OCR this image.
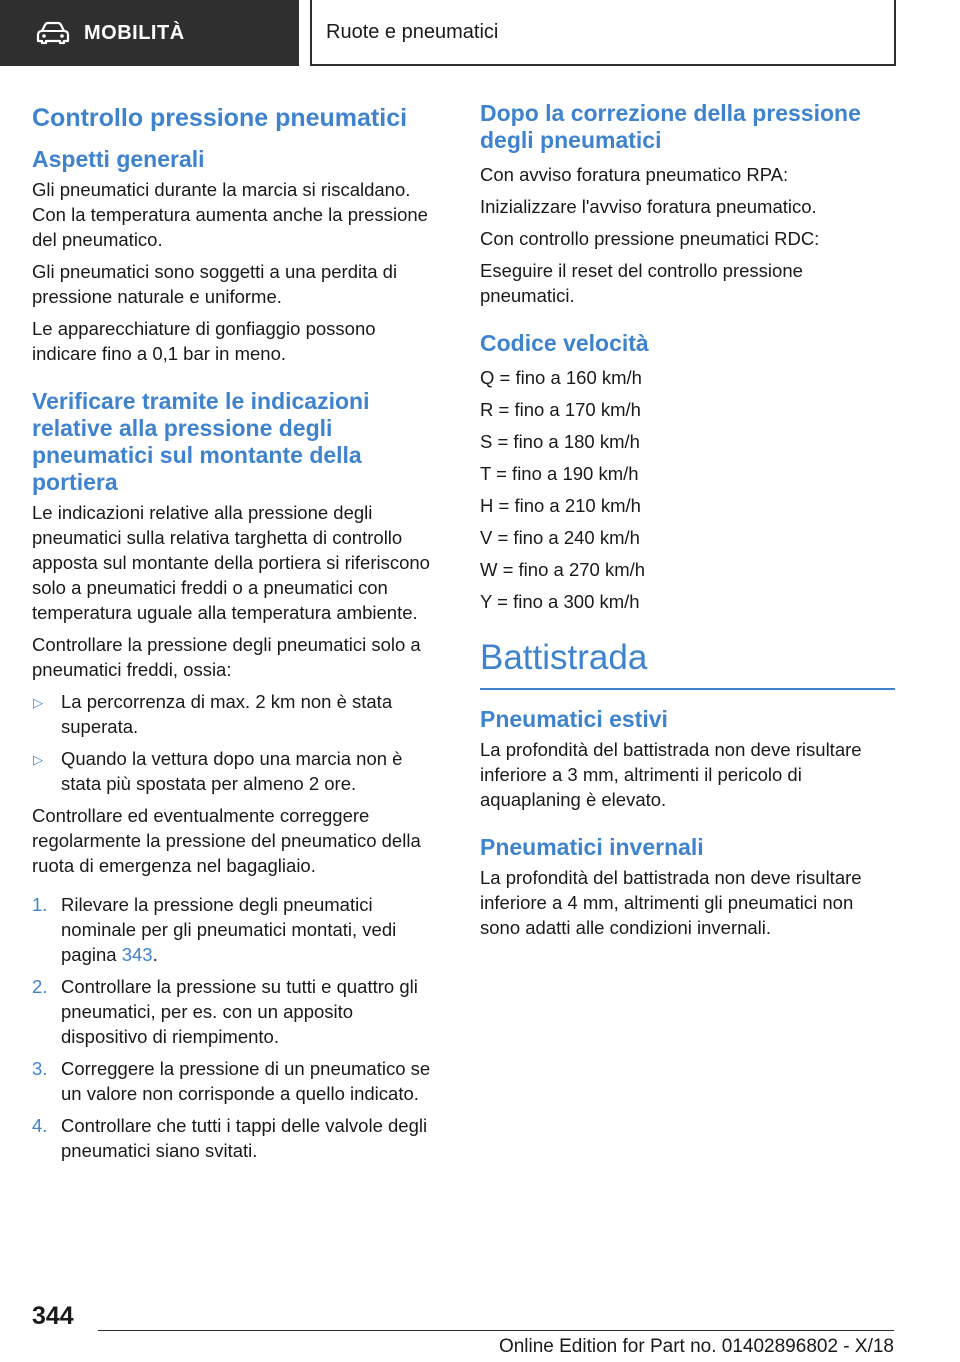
MOBILITÀ	Ruote e pneumatici
Controllo pressione pneumatici
Aspetti generali

Gli pneumatici durante la marcia si riscaldano. Con la temperatura aumenta anche la pressione del pneumatico.

Gli pneumatici sono soggetti a una perdita di pressione naturale e uniforme.

Le apparecchiature di gonfiaggio possono indicare fino a 0,1 bar in meno.

Verificare tramite le indicazioni relative alla pressione degli pneumatici sul montante della portiera

Le indicazioni relative alla pressione degli pneumatici sulla relativa targhetta di controllo apposta sul montante della portiera si riferiscono solo a pneumatici freddi o a pneumatici con temperatura uguale alla temperatura ambiente.

Controllare la pressione degli pneumatici solo a pneumatici freddi, ossia:

▷ La percorrenza di max. 2 km non è stata superata.
▷ Quando la vettura dopo una marcia non è stata più spostata per almeno 2 ore.

Controllare ed eventualmente correggere regolarmente la pressione del pneumatico della ruota di emergenza nel bagagliaio.

1. Rilevare la pressione degli pneumatici nominale per gli pneumatici montati, vedi pagina 343.
2. Controllare la pressione su tutti e quattro gli pneumatici, per es. con un apposito dispositivo di riempimento.
3. Correggere la pressione di un pneumatico se un valore non corrisponde a quello indicato.
4. Controllare che tutti i tappi delle valvole degli pneumatici siano svitati.
Dopo la correzione della pressione degli pneumatici

Con avviso foratura pneumatico RPA:

Inizializzare l'avviso foratura pneumatico.

Con controllo pressione pneumatici RDC:

Eseguire il reset del controllo pressione pneumatici.

Codice velocità

Q = fino a 160 km/h

R = fino a 170 km/h

S = fino a 180 km/h

T = fino a 190 km/h

H = fino a 210 km/h

V = fino a 240 km/h

W = fino a 270 km/h

Y = fino a 300 km/h

Battistrada
Pneumatici estivi

La profondità del battistrada non deve risultare inferiore a 3 mm, altrimenti il pericolo di aquaplaning è elevato.

Pneumatici invernali

La profondità del battistrada non deve risultare inferiore a 4 mm, altrimenti gli pneumatici non sono adatti alle condizioni invernali.

344
Online Edition for Part no. 01402896802 - X/18
